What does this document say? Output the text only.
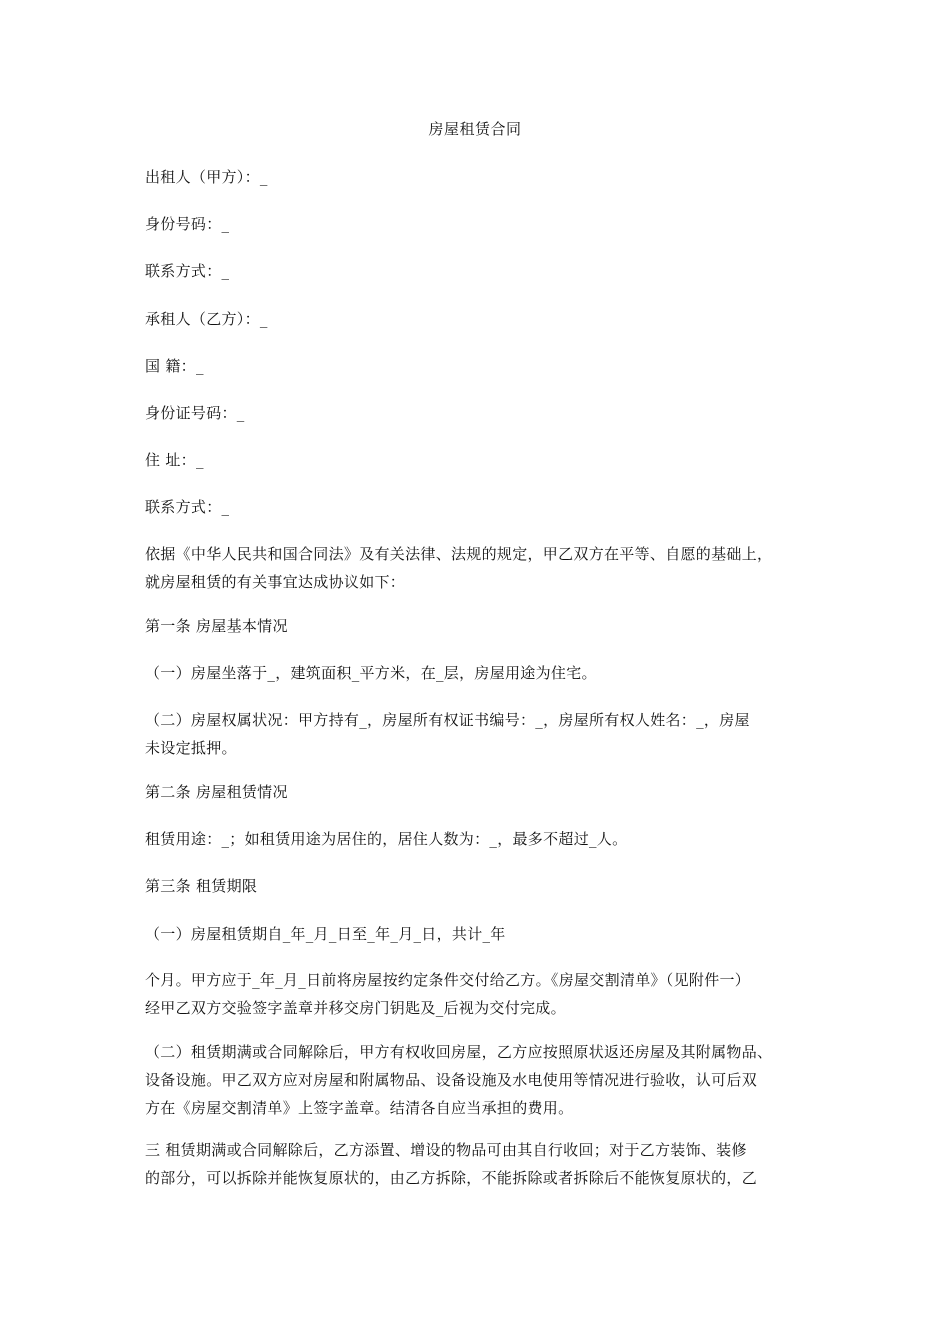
房屋租赁合同
出租人（甲方）：_
身份号码：_
联系方式：_
承租人（乙方）：_
国 籍：_
身份证号码：_
住 址：_
联系方式：_
依据《中华人民共和国合同法》及有关法律、法规的规定，甲乙双方在平等、自愿的基础上，
就房屋租赁的有关事宜达成协议如下：
第一条 房屋基本情况
（一）房屋坐落于_，建筑面积_平方米，在_层，房屋用途为住宅。
（二）房屋权属状况：甲方持有_，房屋所有权证书编号：_，房屋所有权人姓名：_，房屋
未设定抵押。
第二条 房屋租赁情况
租赁用途：_；如租赁用途为居住的，居住人数为：_，最多不超过_人。
第三条 租赁期限
（一）房屋租赁期自_年_月_日至_年_月_日，共计_年
个月。甲方应于_年_月_日前将房屋按约定条件交付给乙方。《房屋交割清单》（见附件一）
经甲乙双方交验签字盖章并移交房门钥匙及_后视为交付完成。
（二）租赁期满或合同解除后，甲方有权收回房屋，乙方应按照原状返还房屋及其附属物品、
设备设施。甲乙双方应对房屋和附属物品、设备设施及水电使用等情况进行验收，认可后双
方在《房屋交割清单》上签字盖章。结清各自应当承担的费用。
三 租赁期满或合同解除后，乙方添置、增设的物品可由其自行收回；对于乙方装饰、装修
的部分，可以拆除并能恢复原状的，由乙方拆除，不能拆除或者拆除后不能恢复原状的，乙
